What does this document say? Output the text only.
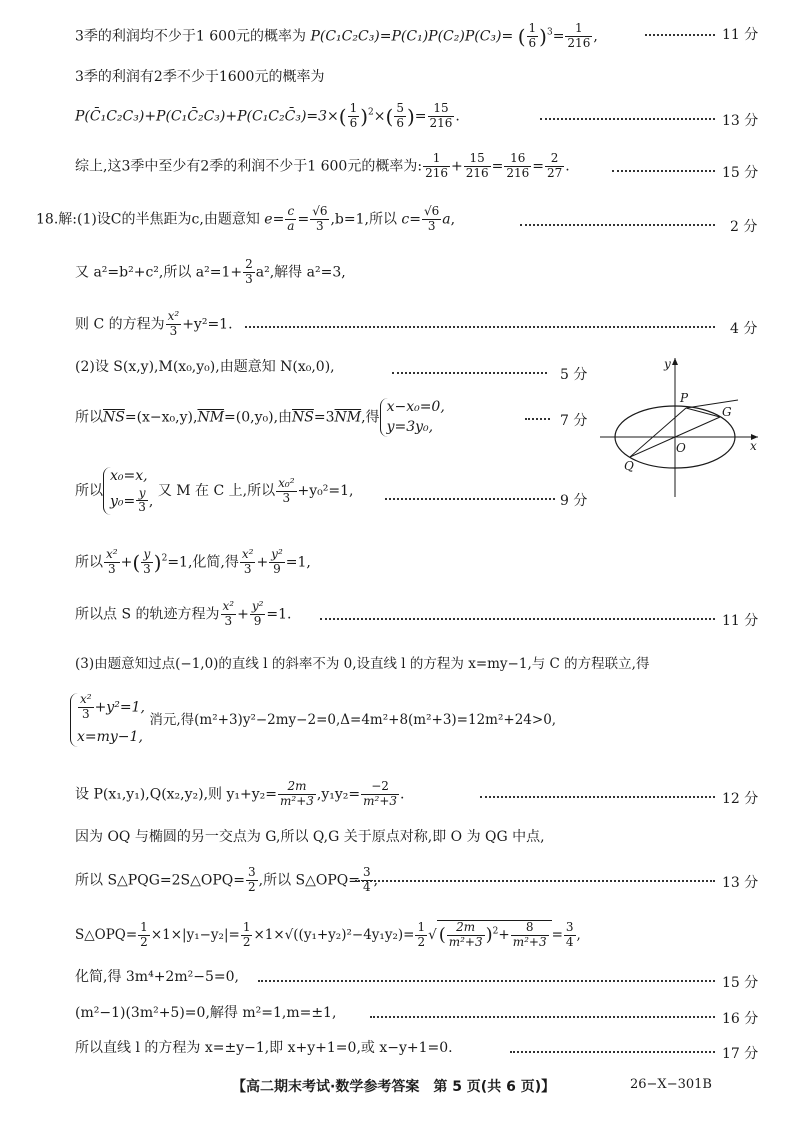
3季的利润均不少于1 600元的概率为 P(C₁C₂C₃)=P(C₁)P(C₂)P(C₃)= ( $\frac{1}{6} )^3= \frac{1}{216}$ ,	11 分
3季的利润有2季不少于1600元的概率为
P(C̄₁C₂C₃)+P(C₁C̄₂C₃)+P(C₁C₂C̄₃)=3×( $\frac{1}{6} )^2\times( \frac{5}{6}$ )= $\frac{15}{216}$ .	13 分
综上,这3季中至少有2季的利润不少于1 600元的概率为: $\frac{1}{216} + \frac{15}{216} = \frac{16}{216} = \frac{2}{27}$ .	15 分
18.解:(1)设C的半焦距为c,由题意知 $e= \frac{c}{a} = \frac{√6}{3} ,b=1$,所以 $c= \frac{√6}{3} a$,	2 分
又 a²=b²+c²,所以 $a^2=1+ \frac{2}{3} a^2$,解得 a²=3,
则 C 的方程为 $\frac{\text{x²}}{3} +y^2=1$.	4 分
(2)设 S(x,y),M(x₀,y₀),由题意知 N(x₀,0),	5 分
所以$\overline{NS}=(x-x_0,y),\overline{NM}=(0,y_0)$,由$\overline{NS}=3\overline{NM}$,得
x−x₀=0,
y=3y₀,	7 分
y
x
O
P
G
Q
所以
x₀=x,
$y_0= \frac{y}{3}$ ,
又 M 在 C 上,所以 $\frac{\text{x₀²}}{3} +y_0^2=1$,
9 分
所以 $\frac{\text{x²}}{3}$ +( $\frac{y}{3} )^2=1$,化简,得 $\frac{\text{x²}}{3} + \frac{\text{y²}}{9} =1$,
所以点 S 的轨迹方程为 $\frac{\text{x²}}{3} + \frac{\text{y²}}{9} =1$.	11 分
(3)由题意知过点(−1,0)的直线 l 的斜率不为 0,设直线 l 的方程为 x=my−1,与 C 的方程联立,得
$\frac{\text{x²}}{3} +y^2=1$,
x=my−1,
消元,得(m²+3)y²−2my−2=0,Δ=4m²+8(m²+3)=12m²+24>0,
设 P(x₁,y₁),Q(x₂,y₂),则 $y_1+y_2= \frac{2m}{\text{m²+3}} ,y_1y_2= \frac{-2}{\text{m²+3}}$ .	12 分
因为 OQ 与椭圆的另一交点为 G,所以 Q,G 关于原点对称,即 O 为 QG 中点,
所以 S△PQG=2S△OPQ= $\frac{3}{2}$ ,所以 S△OPQ= $\frac{3}{4}$ ,	13 分
S△OPQ= $\frac{1}{2} \times 1\times|y_1-y_2|= \frac{1}{2} \times 1\times√((y_1+y_2)^2-4y_1y_2)= \frac{1}{2}$ √ ( $\frac{2m}{\text{m²+3}} )^2+ \frac{8}{\text{m²+3}} = \frac{3}{4}$ ,
化简,得 3m⁴+2m²−5=0,	15 分
(m²−1)(3m²+5)=0,解得 m²=1,m=±1,	16 分
所以直线 l 的方程为 x=±y−1,即 x+y+1=0,或 x−y+1=0.	17 分
【高二期末考试·数学参考答案　第 5 页(共 6 页)】	26−X−301B
